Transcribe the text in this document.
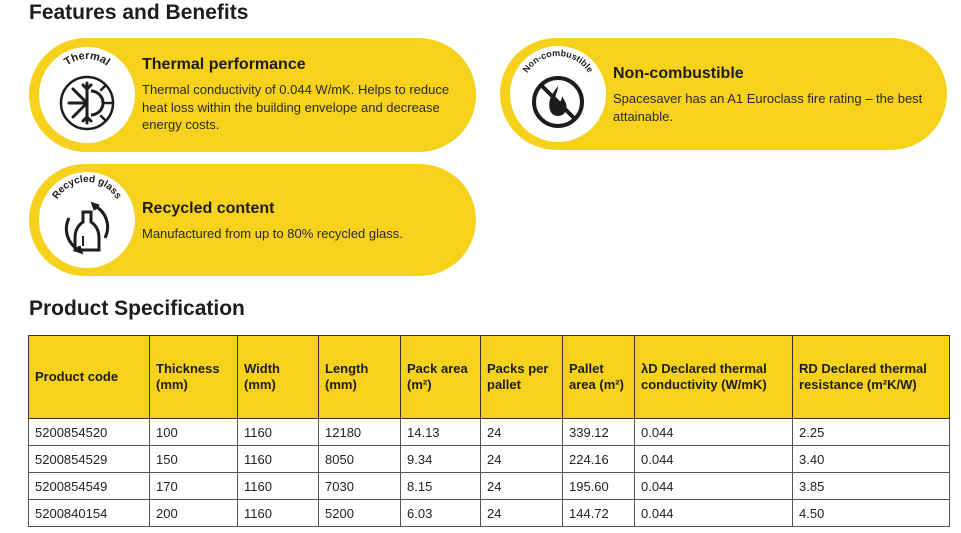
Features and Benefits
Thermal Thermal performance
Thermal conductivity of 0.044 W/mK. Helps to reduce heat loss within the building envelope and decrease energy costs.
Non-combustible Non-combustible
Spacesaver has an A1 Euroclass fire rating – the best attainable.
Recycled glass
Recycled content
Manufactured from up to 80% recycled glass.
Product Specification
Product code	Thickness (mm)	Width (mm)	Length (mm)	Pack area (m²)	Packs per pallet	Pallet area (m²)	λD Declared thermal conductivity (W/mK)	RD Declared thermal resistance (m²K/W)
5200854520	100	1160	12180	14.13	24	339.12	0.044	2.25
5200854529	150	1160	8050	9.34	24	224.16	0.044	3.40
5200854549	170	1160	7030	8.15	24	195.60	0.044	3.85
5200840154	200	1160	5200	6.03	24	144.72	0.044	4.50
